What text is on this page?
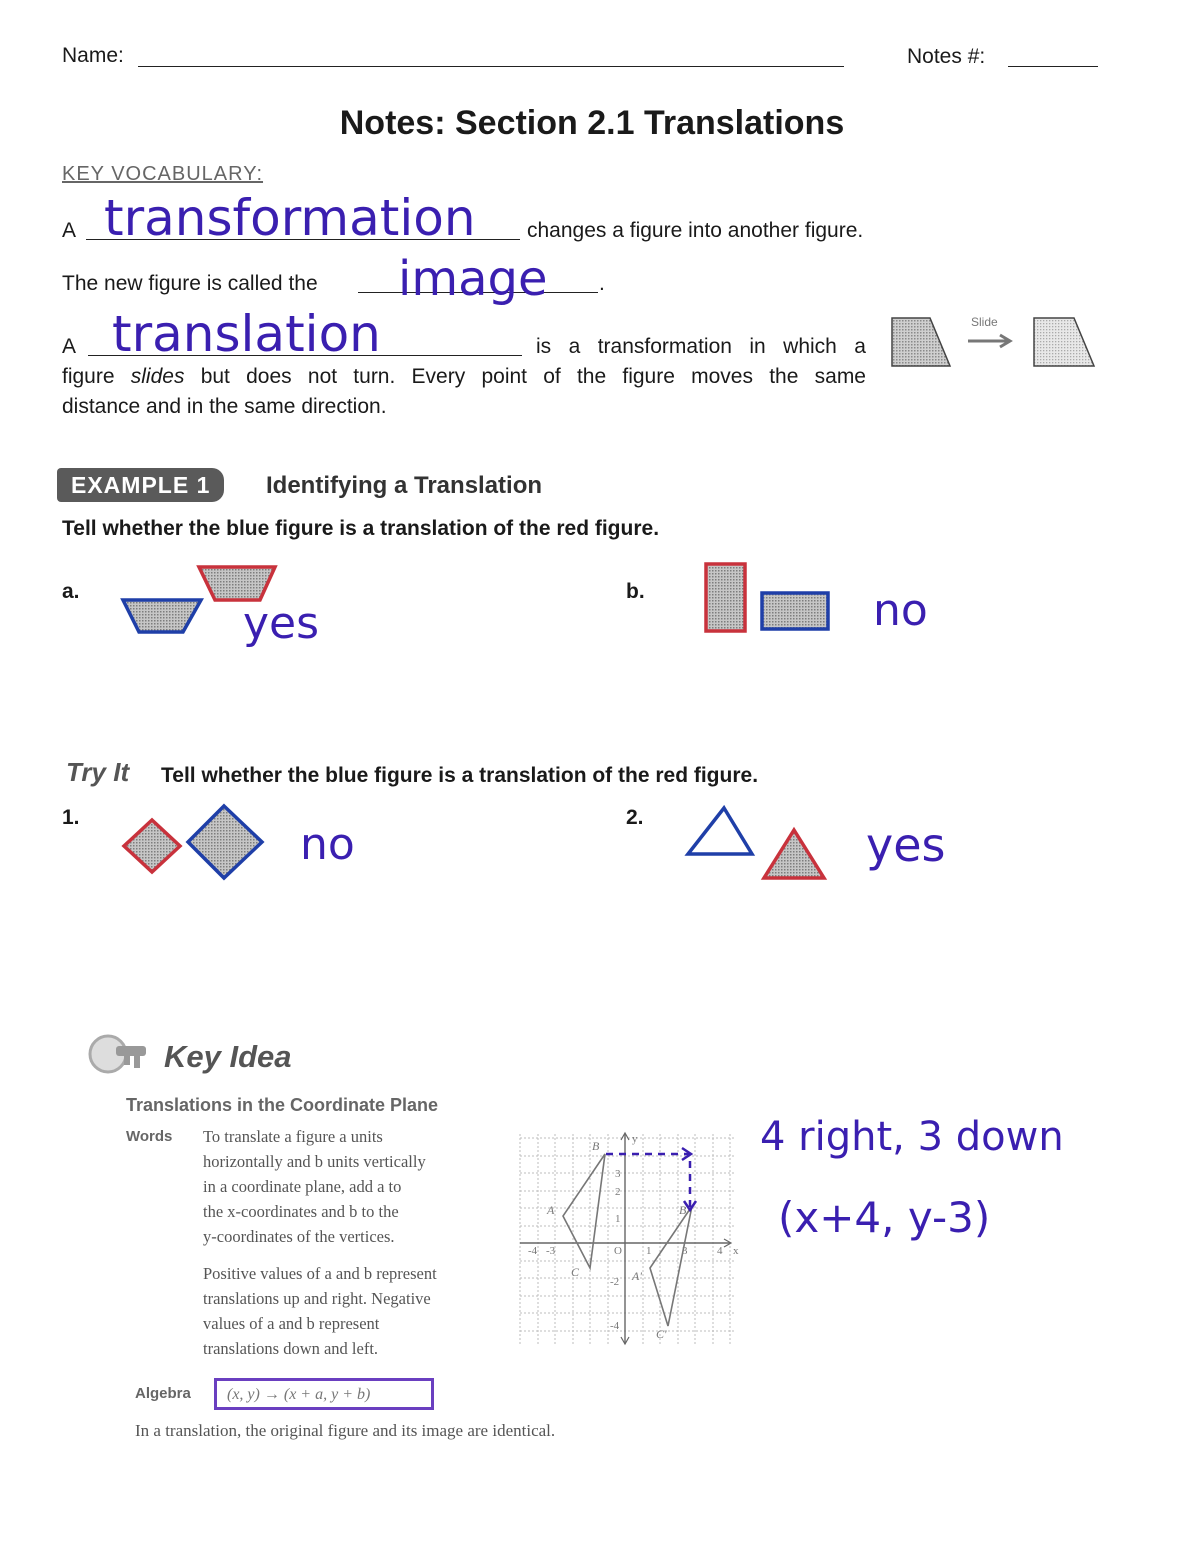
Name:	Notes #:
Notes: Section 2.1 Translations
KEY VOCABULARY:
A transformation changes a figure into another figure.
The new figure is called the image .
A translation	is a transformation in which a
figure slides but does not turn. Every point of the figure moves the same
distance and in the same direction.
Slide
EXAMPLE 1	Identifying a Translation
Tell whether the blue figure is a translation of the red figure.
a.
yes
b.	no
Try It Tell whether the blue figure is a translation of the red figure.
1.
no
2.
yes
Key Idea
Translations in the Coordinate Plane
Words To translate a figure a units
horizontally and b units vertically
in a coordinate plane, add a to
the x-coordinates and b to the
y-coordinates of the vertices.
Positive values of a and b represent
translations up and right. Negative
values of a and b represent
translations down and left.
x
y
-4 -3	O 1	3	4
3
2
1
-2
-4
B
A
C
B'
A'
C'
4 right, 3 down
(x+4, y-3)
Algebra	(x, y) → (x + a, y + b)
In a translation, the original figure and its image are identical.
